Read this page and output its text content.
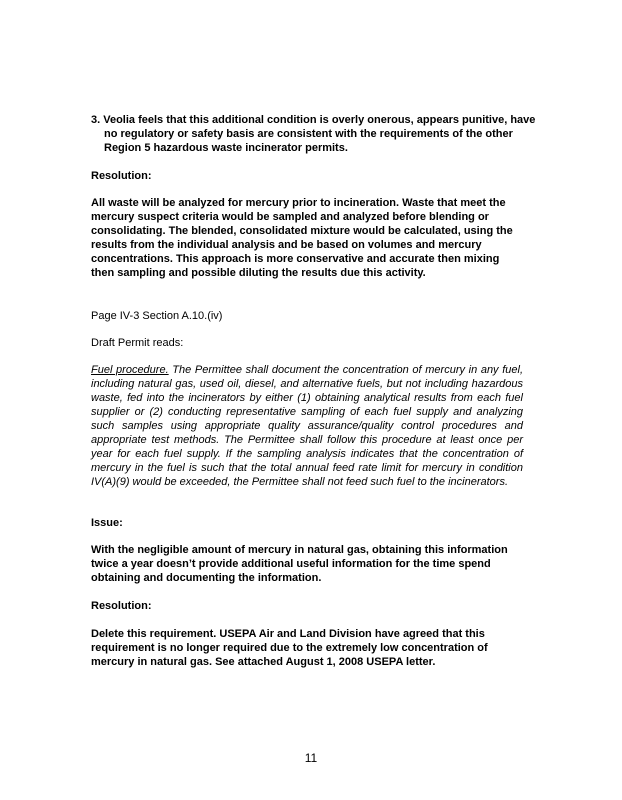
3. Veolia feels that this additional condition is overly onerous, appears punitive, have no regulatory or safety basis are consistent with the requirements of the other Region 5 hazardous waste incinerator permits.
Resolution:
All waste will be analyzed for mercury prior to incineration. Waste that meet the mercury suspect criteria would be sampled and analyzed before blending or consolidating. The blended, consolidated mixture would be calculated, using the results from the individual analysis and be based on volumes and mercury concentrations. This approach is more conservative and accurate then mixing then sampling and possible diluting the results due this activity.
Page IV-3 Section A.10.(iv)
Draft Permit reads:
Fuel procedure. The Permittee shall document the concentration of mercury in any fuel, including natural gas, used oil, diesel, and alternative fuels, but not including hazardous waste, fed into the incinerators by either (1) obtaining analytical results from each fuel supplier or (2) conducting representative sampling of each fuel supply and analyzing such samples using appropriate quality assurance/quality control procedures and appropriate test methods. The Permittee shall follow this procedure at least once per year for each fuel supply. If the sampling analysis indicates that the concentration of mercury in the fuel is such that the total annual feed rate limit for mercury in condition IV(A)(9) would be exceeded, the Permittee shall not feed such fuel to the incinerators.
Issue:
With the negligible amount of mercury in natural gas, obtaining this information twice a year doesn’t provide additional useful information for the time spend obtaining and documenting the information.
Resolution:
Delete this requirement. USEPA Air and Land Division have agreed that this requirement is no longer required due to the extremely low concentration of mercury in natural gas. See attached August 1, 2008 USEPA letter.
11
